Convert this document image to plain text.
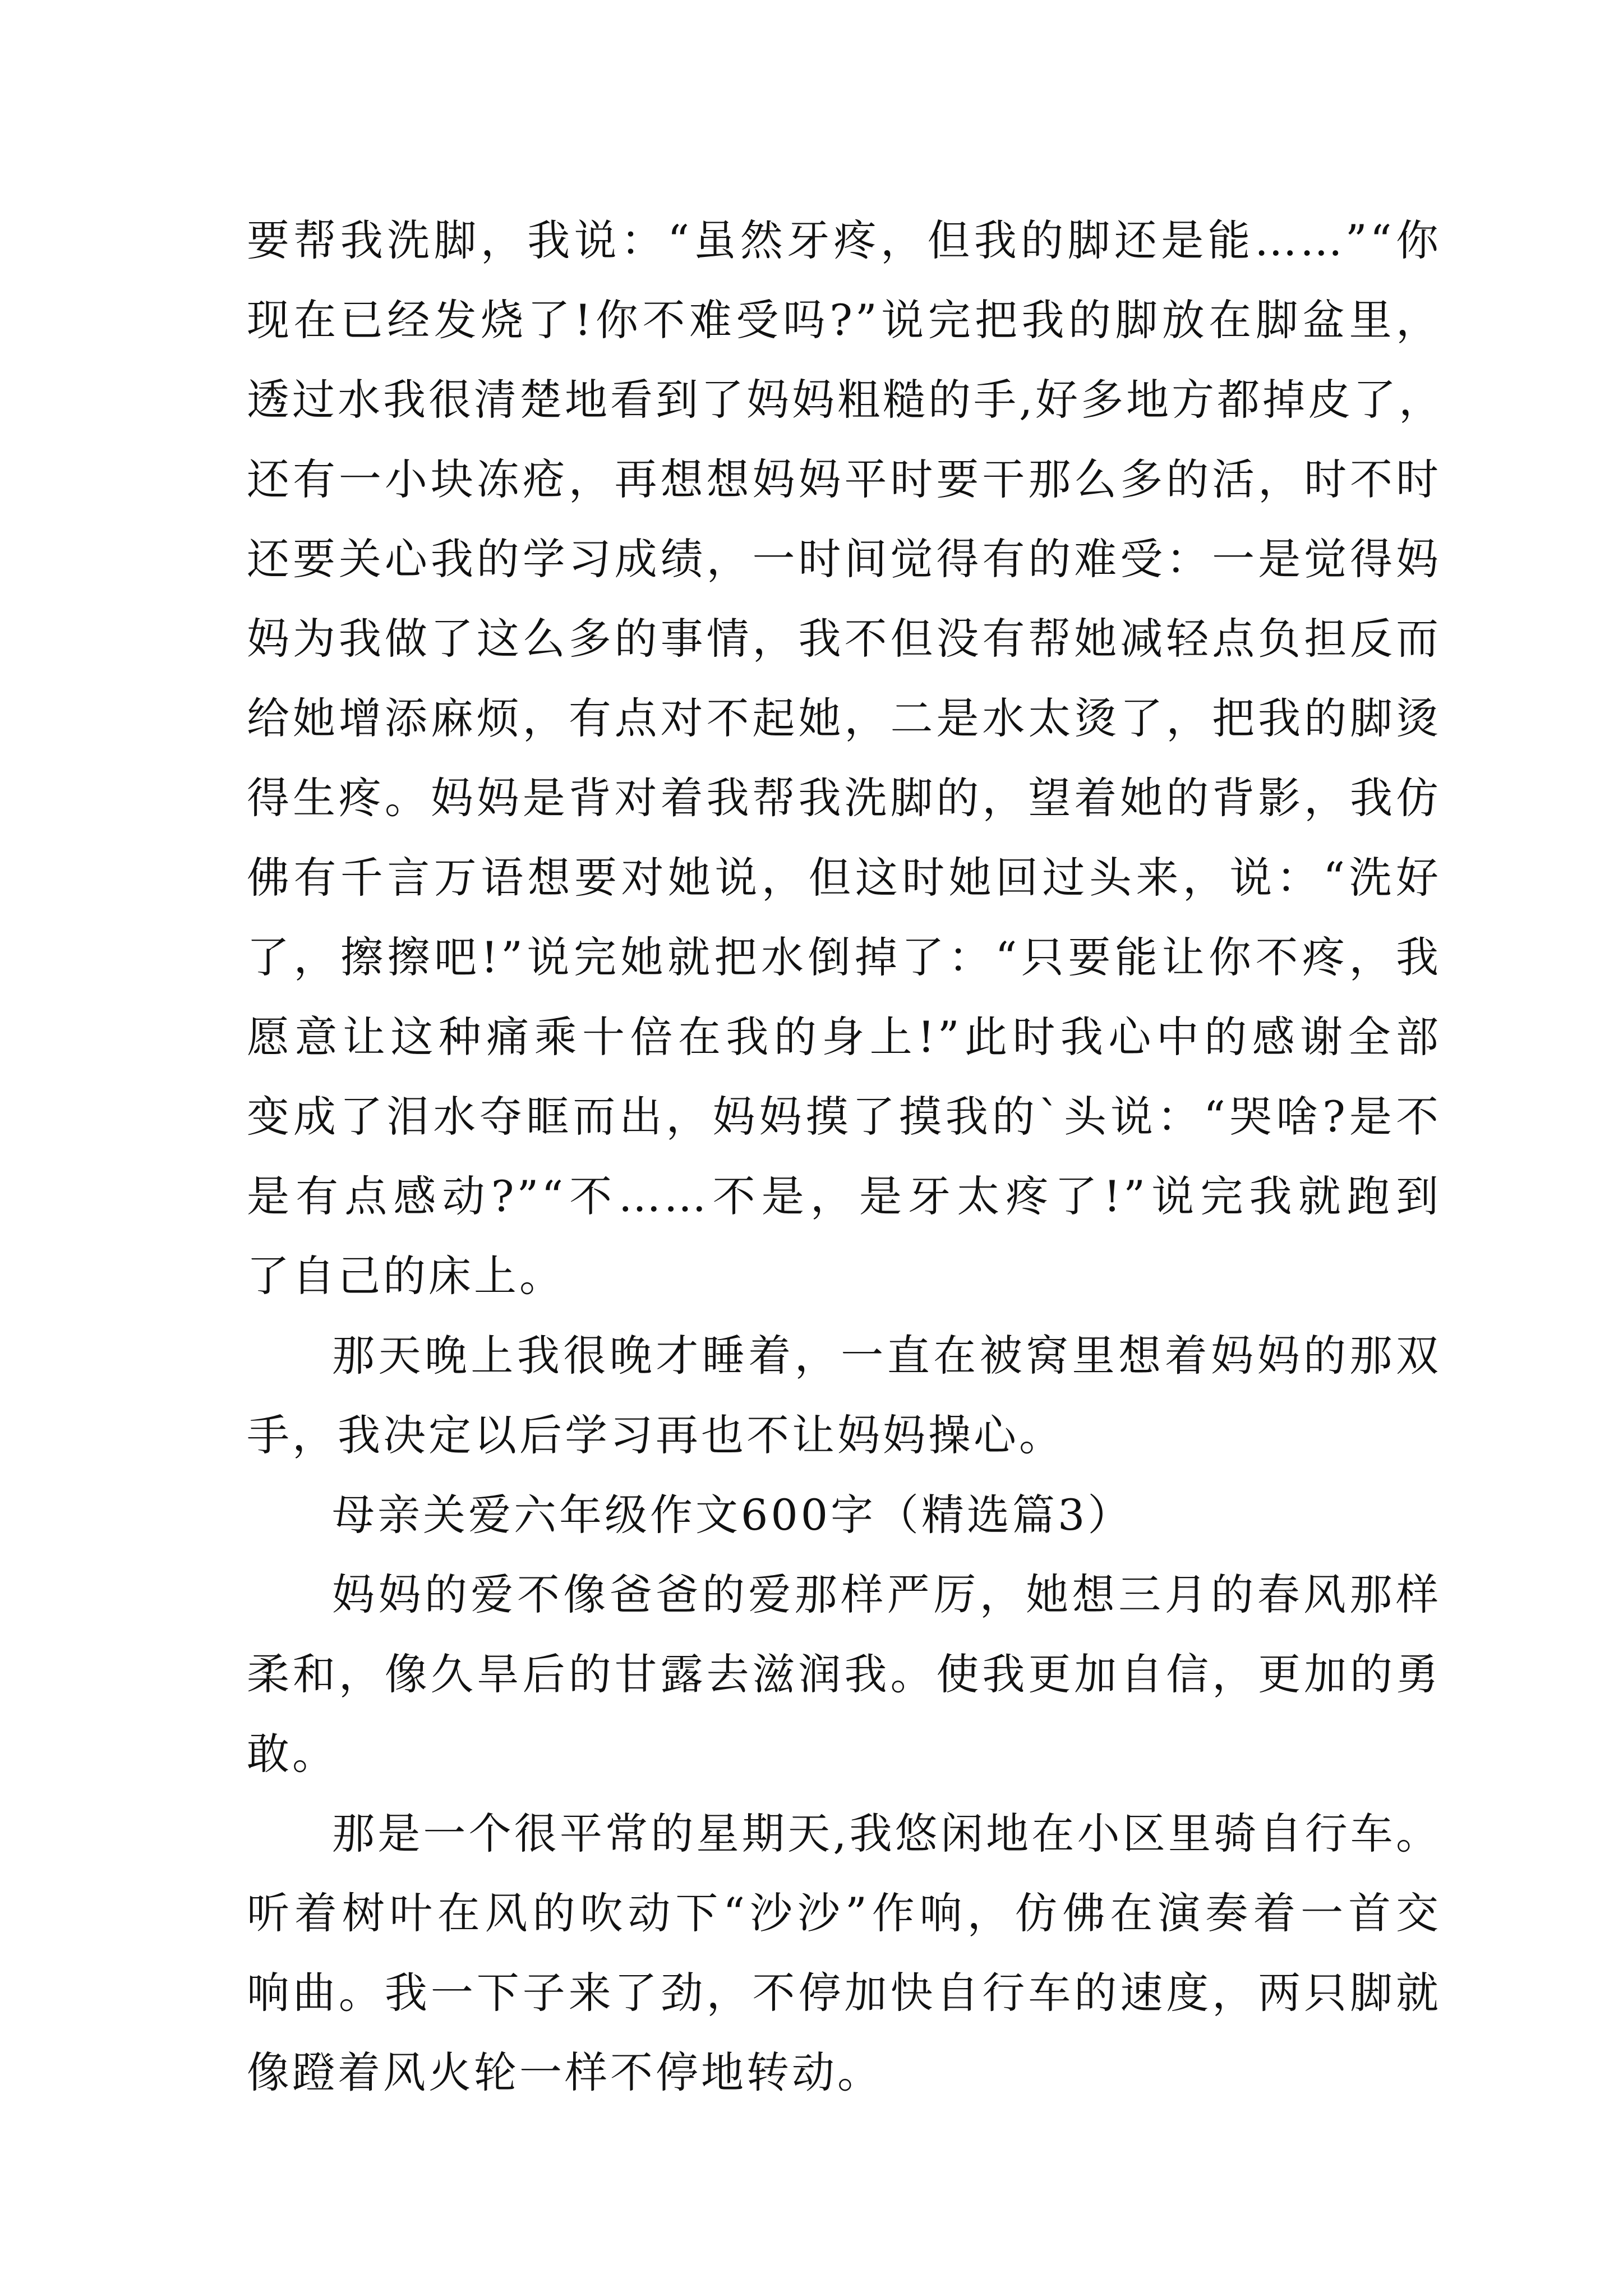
要帮我洗脚，我说：“虽然牙疼，但我的脚还是能……”“你
现在已经发烧了!你不难受吗?”说完把我的脚放在脚盆里，
透过水我很清楚地看到了妈妈粗糙的手,好多地方都掉皮了，
还有一小块冻疮，再想想妈妈平时要干那么多的活，时不时
还要关心我的学习成绩，一时间觉得有的难受：一是觉得妈
妈为我做了这么多的事情，我不但没有帮她减轻点负担反而
给她增添麻烦，有点对不起她，二是水太烫了，把我的脚烫
得生疼。妈妈是背对着我帮我洗脚的，望着她的背影，我仿
佛有千言万语想要对她说，但这时她回过头来，说：“洗好
了，擦擦吧!”说完她就把水倒掉了：“只要能让你不疼，我
愿意让这种痛乘十倍在我的身上!”此时我心中的感谢全部
变成了泪水夺眶而出，妈妈摸了摸我的`头说：“哭啥?是不
是有点感动?”“不……不是，是牙太疼了!”说完我就跑到
了自己的床上。
那天晚上我很晚才睡着，一直在被窝里想着妈妈的那双
手，我决定以后学习再也不让妈妈操心。
母亲关爱六年级作文600字（精选篇3）
妈妈的爱不像爸爸的爱那样严厉，她想三月的春风那样
柔和，像久旱后的甘露去滋润我。使我更加自信，更加的勇
敢。
那是一个很平常的星期天,我悠闲地在小区里骑自行车。
听着树叶在风的吹动下“沙沙”作响，仿佛在演奏着一首交
响曲。我一下子来了劲，不停加快自行车的速度，两只脚就
像蹬着风火轮一样不停地转动。
